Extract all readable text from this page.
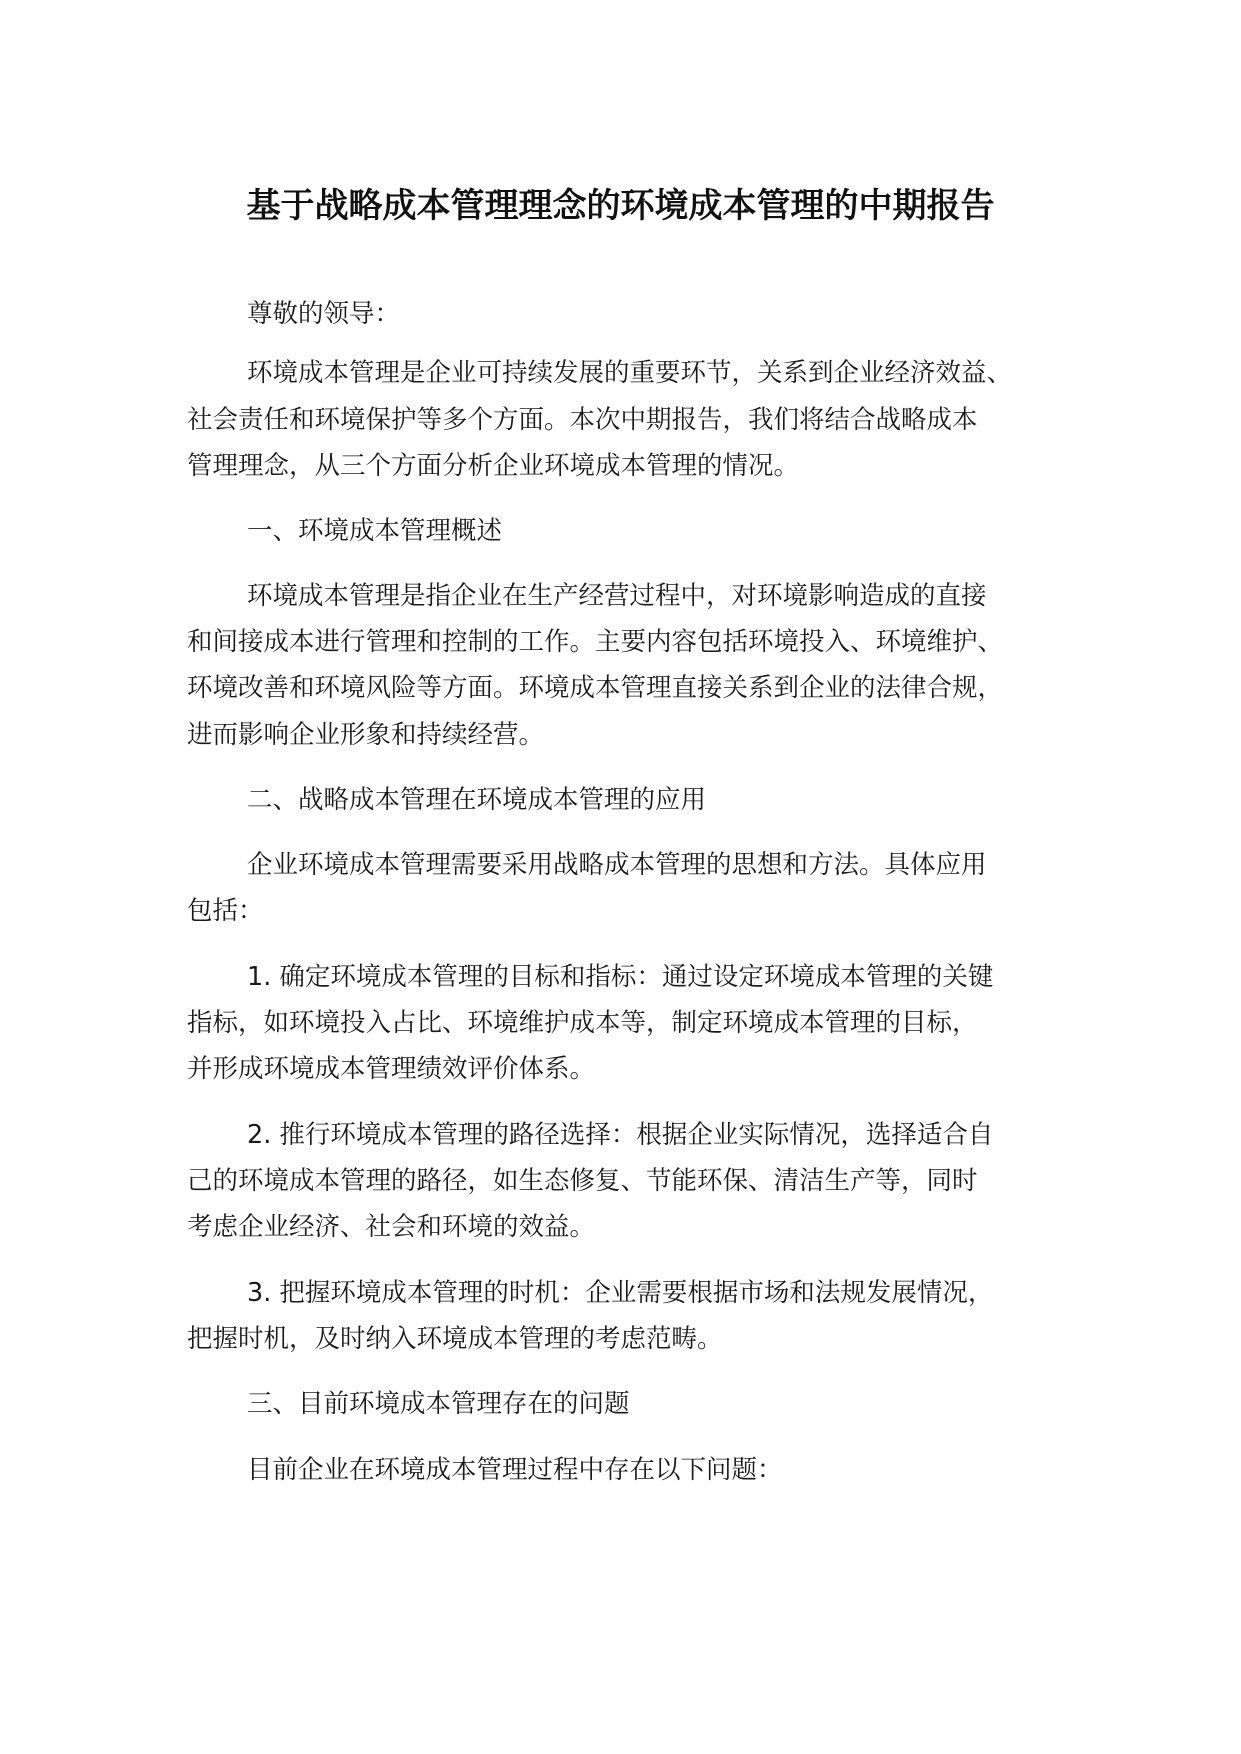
基于战略成本管理理念的环境成本管理的中期报告

尊敬的领导：

环境成本管理是企业可持续发展的重要环节，关系到企业经济效益、

社会责任和环境保护等多个方面。本次中期报告，我们将结合战略成本

管理理念，从三个方面分析企业环境成本管理的情况。

一、环境成本管理概述

环境成本管理是指企业在生产经营过程中，对环境影响造成的直接

和间接成本进行管理和控制的工作。主要内容包括环境投入、环境维护、

环境改善和环境风险等方面。环境成本管理直接关系到企业的法律合规，

进而影响企业形象和持续经营。

二、战略成本管理在环境成本管理的应用

企业环境成本管理需要采用战略成本管理的思想和方法。具体应用

包括：

1. 确定环境成本管理的目标和指标：通过设定环境成本管理的关键

指标，如环境投入占比、环境维护成本等，制定环境成本管理的目标，

并形成环境成本管理绩效评价体系。

2. 推行环境成本管理的路径选择：根据企业实际情况，选择适合自

己的环境成本管理的路径，如生态修复、节能环保、清洁生产等，同时

考虑企业经济、社会和环境的效益。

3. 把握环境成本管理的时机：企业需要根据市场和法规发展情况，

把握时机，及时纳入环境成本管理的考虑范畴。

三、目前环境成本管理存在的问题

目前企业在环境成本管理过程中存在以下问题：
